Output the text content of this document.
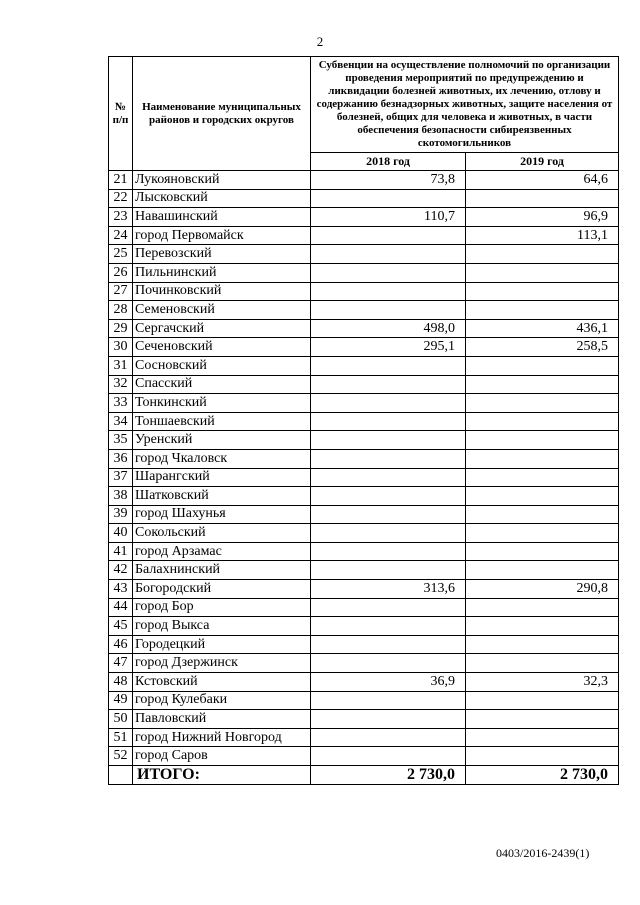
2
№ п/п	Наименование муниципальных районов и городских округов	Субвенции на осуществление полномочий по организации проведения мероприятий по предупреждению и ликвидации болезней животных, их лечению, отлову и содержанию безнадзорных животных, защите населения от болезней, общих для человека и животных, в части обеспечения безопасности сибиреязвенных скотомогильников	
		2018 год	2019 год
21	Лукояновский	73,8	64,6
22	Лысковский		
23	Навашинский	110,7	96,9
24	город Первомайск		113,1
25	Перевозский		
26	Пильнинский		
27	Починковский		
28	Семеновский		
29	Сергачский	498,0	436,1
30	Сеченовский	295,1	258,5
31	Сосновский		
32	Спасский		
33	Тонкинский		
34	Тоншаевский		
35	Уренский		
36	город Чкаловск		
37	Шарангский		
38	Шатковский		
39	город Шахунья		
40	Сокольский		
41	город Арзамас		
42	Балахнинский		
43	Богородский	313,6	290,8
44	город Бор		
45	город Выкса		
46	Городецкий		
47	город Дзержинск		
48	Кстовский	36,9	32,3
49	город Кулебаки		
50	Павловский		
51	город Нижний Новгород		
52	город Саров		
	ИТОГО:	2 730,0	2 730,0
0403/2016-2439(1)
